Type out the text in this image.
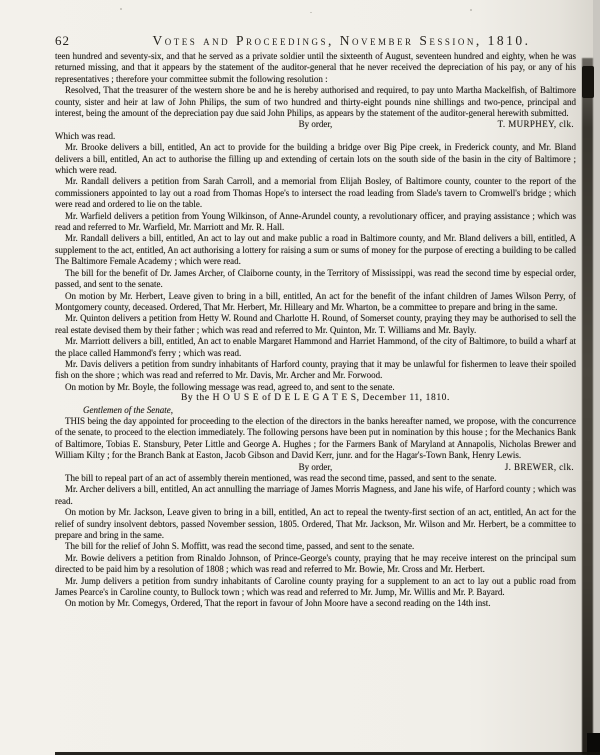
62	Votes and Proceedings, November Session, 1810.

teen hundred and seventy-six, and that he served as a private soldier until the sixteenth of August, seventeen hundred and eighty, when he was returned missing, and that it appears by the statement of the auditor-general that he never received the depreciation of his pay, or any of his representatives ; therefore your committee submit the following resolution :

Resolved, That the treasurer of the western shore be and he is hereby authorised and required, to pay unto Martha Mackelfish, of Baltimore county, sister and heir at law of John Philips, the sum of two hundred and thirty-eight pounds nine shillings and two-pence, principal and interest, being the amount of the depreciation pay due said John Philips, as appears by the statement of the auditor-general herewith submitted.

By order,	T. MURPHEY, clk.

Which was read.

Mr. Brooke delivers a bill, entitled, An act to provide for the building a bridge over Big Pipe creek, in Frederick county, and Mr. Bland delivers a bill, entitled, An act to authorise the filling up and extending of certain lots on the south side of the basin in the city of Baltimore ; which were read.

Mr. Randall delivers a petition from Sarah Carroll, and a memorial from Elijah Bosley, of Baltimore county, counter to the report of the commissioners appointed to lay out a road from Thomas Hope's to intersect the road leading from Slade's tavern to Cromwell's bridge ; which were read and ordered to lie on the table.

Mr. Warfield delivers a petition from Young Wilkinson, of Anne-Arundel county, a revolutionary officer, and praying assistance ; which was read and referred to Mr. Warfield, Mr. Marriott and Mr. R. Hall.

Mr. Randall delivers a bill, entitled, An act to lay out and make public a road in Baltimore county, and Mr. Bland delivers a bill, entitled, A supplement to the act, entitled, An act authorising a lottery for raising a sum or sums of money for the purpose of erecting a building to be called The Baltimore Female Academy ; which were read.

The bill for the benefit of Dr. James Archer, of Claiborne county, in the Territory of Mississippi, was read the second time by especial order, passed, and sent to the senate.

On motion by Mr. Herbert, Leave given to bring in a bill, entitled, An act for the benefit of the infant children of James Wilson Perry, of Montgomery county, deceased. Ordered, That Mr. Herbert, Mr. Hilleary and Mr. Wharton, be a committee to prepare and bring in the same.

Mr. Quinton delivers a petition from Hetty W. Round and Charlotte H. Round, of Somerset county, praying they may be authorised to sell the real estate devised them by their father ; which was read and referred to Mr. Quinton, Mr. T. Williams and Mr. Bayly.

Mr. Marriott delivers a bill, entitled, An act to enable Margaret Hammond and Harriet Hammond, of the city of Baltimore, to build a wharf at the place called Hammond's ferry ; which was read.

Mr. Davis delivers a petition from sundry inhabitants of Harford county, praying that it may be unlawful for fishermen to leave their spoiled fish on the shore ; which was read and referred to Mr. Davis, Mr. Archer and Mr. Forwood.

On motion by Mr. Boyle, the following message was read, agreed to, and sent to the senate.

By the H O U S E of D E L E G A T E S, December 11, 1810.

Gentlemen of the Senate,

THIS being the day appointed for proceeding to the election of the directors in the banks hereafter named, we propose, with the concurrence of the senate, to proceed to the election immediately. The following persons have been put in nomination by this house ; for the Mechanics Bank of Baltimore, Tobias E. Stansbury, Peter Little and George A. Hughes ; for the Farmers Bank of Maryland at Annapolis, Nicholas Brewer and William Kilty ; for the Branch Bank at Easton, Jacob Gibson and David Kerr, junr. and for the Hagar's-Town Bank, Henry Lewis.

By order,	J. BREWER, clk.

The bill to repeal part of an act of assembly therein mentioned, was read the second time, passed, and sent to the senate.

Mr. Archer delivers a bill, entitled, An act annulling the marriage of James Morris Magness, and Jane his wife, of Harford county ; which was read.

On motion by Mr. Jackson, Leave given to bring in a bill, entitled, An act to repeal the twenty-first section of an act, entitled, An act for the relief of sundry insolvent debtors, passed November session, 1805. Ordered, That Mr. Jackson, Mr. Wilson and Mr. Herbert, be a committee to prepare and bring in the same.

The bill for the relief of John S. Moffitt, was read the second time, passed, and sent to the senate.

Mr. Bowie delivers a petition from Rinaldo Johnson, of Prince-George's county, praying that he may receive interest on the principal sum directed to be paid him by a resolution of 1808 ; which was read and referred to Mr. Bowie, Mr. Cross and Mr. Herbert.

Mr. Jump delivers a petition from sundry inhabitants of Caroline county praying for a supplement to an act to lay out a public road from James Pearce's in Caroline county, to Bullock town ; which was read and referred to Mr. Jump, Mr. Willis and Mr. P. Bayard.

On motion by Mr. Comegys, Ordered, That the report in favour of John Moore have a second reading on the 14th inst.
